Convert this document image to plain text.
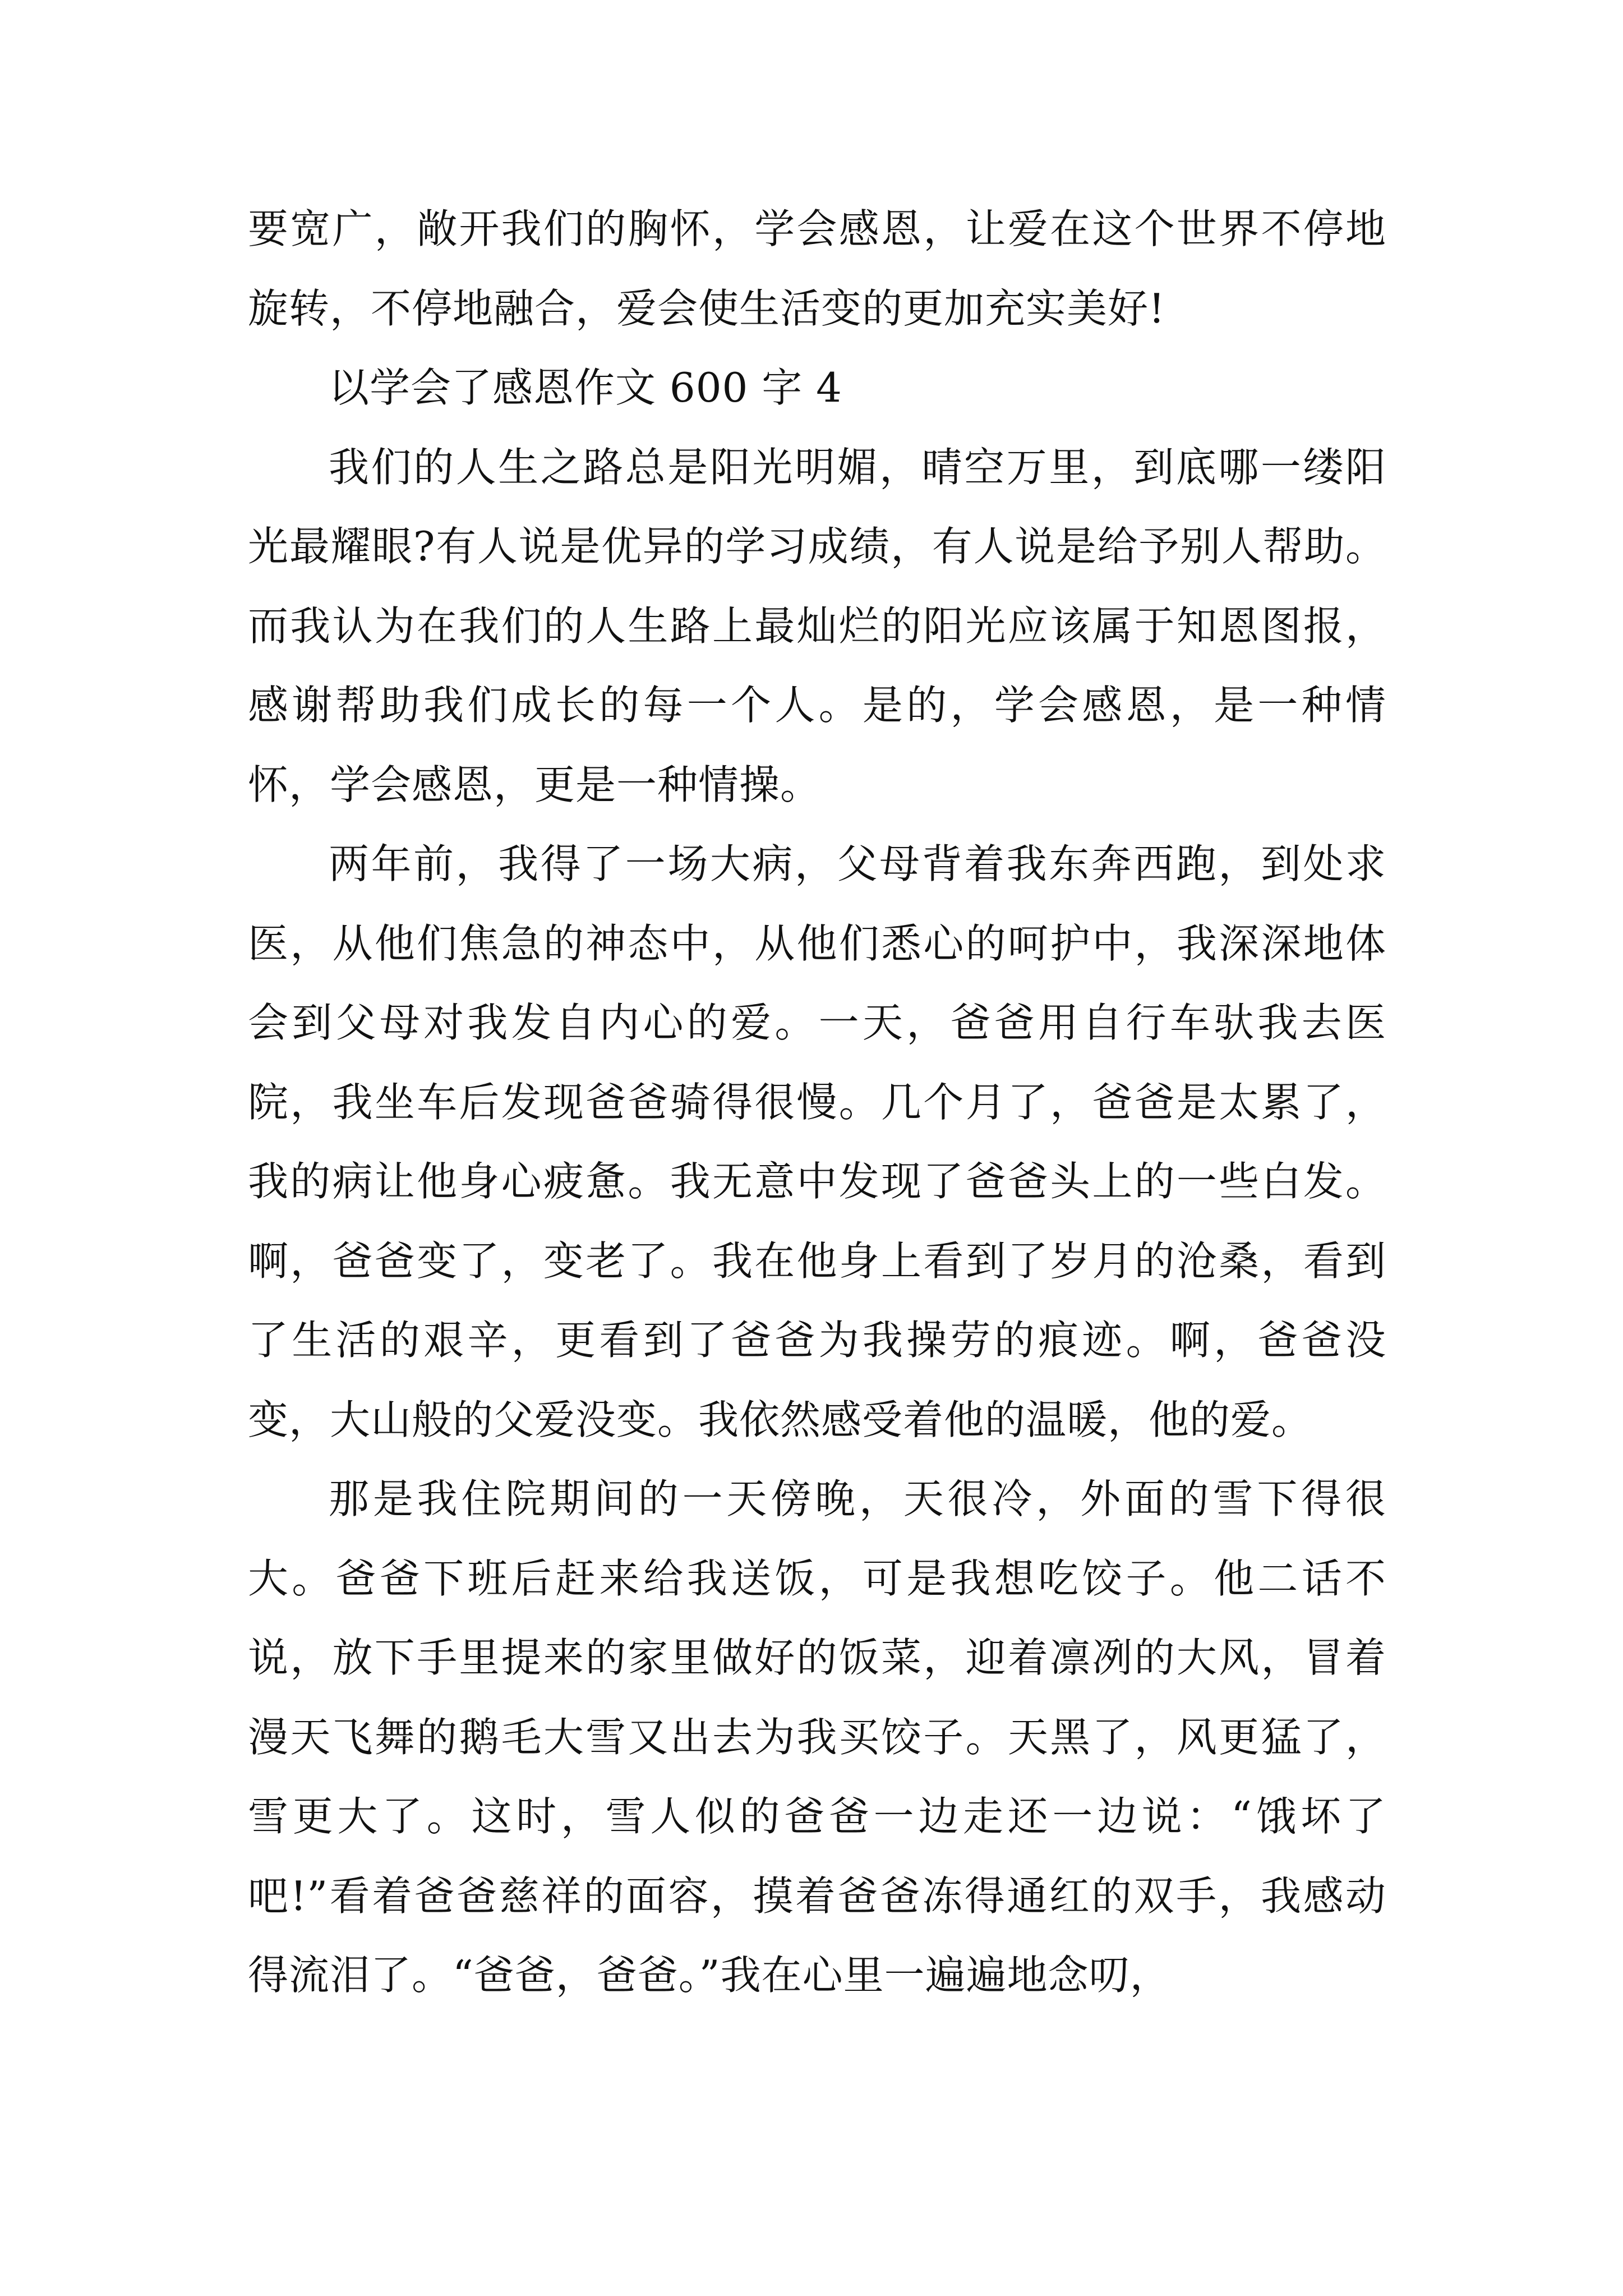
要宽广，敞开我们的胸怀，学会感恩，让爱在这个世界不停地旋转，不停地融合，爱会使生活变的更加充实美好!

以学会了感恩作文 600 字 4

我们的人生之路总是阳光明媚，晴空万里，到底哪一缕阳光最耀眼?有人说是优异的学习成绩，有人说是给予别人帮助。而我认为在我们的人生路上最灿烂的阳光应该属于知恩图报，感谢帮助我们成长的每一个人。是的，学会感恩，是一种情怀，学会感恩，更是一种情操。

两年前，我得了一场大病，父母背着我东奔西跑，到处求医，从他们焦急的神态中，从他们悉心的呵护中，我深深地体会到父母对我发自内心的爱。一天，爸爸用自行车驮我去医院，我坐车后发现爸爸骑得很慢。几个月了，爸爸是太累了，我的病让他身心疲惫。我无意中发现了爸爸头上的一些白发。啊，爸爸变了，变老了。我在他身上看到了岁月的沧桑，看到了生活的艰辛，更看到了爸爸为我操劳的痕迹。啊，爸爸没变，大山般的父爱没变。我依然感受着他的温暖，他的爱。

那是我住院期间的一天傍晚，天很冷，外面的雪下得很大。爸爸下班后赶来给我送饭，可是我想吃饺子。他二话不说，放下手里提来的家里做好的饭菜，迎着凛冽的大风，冒着漫天飞舞的鹅毛大雪又出去为我买饺子。天黑了，风更猛了，雪更大了。这时，雪人似的爸爸一边走还一边说：“饿坏了吧!”看着爸爸慈祥的面容，摸着爸爸冻得通红的双手，我感动得流泪了。“爸爸，爸爸。”我在心里一遍遍地念叨，
